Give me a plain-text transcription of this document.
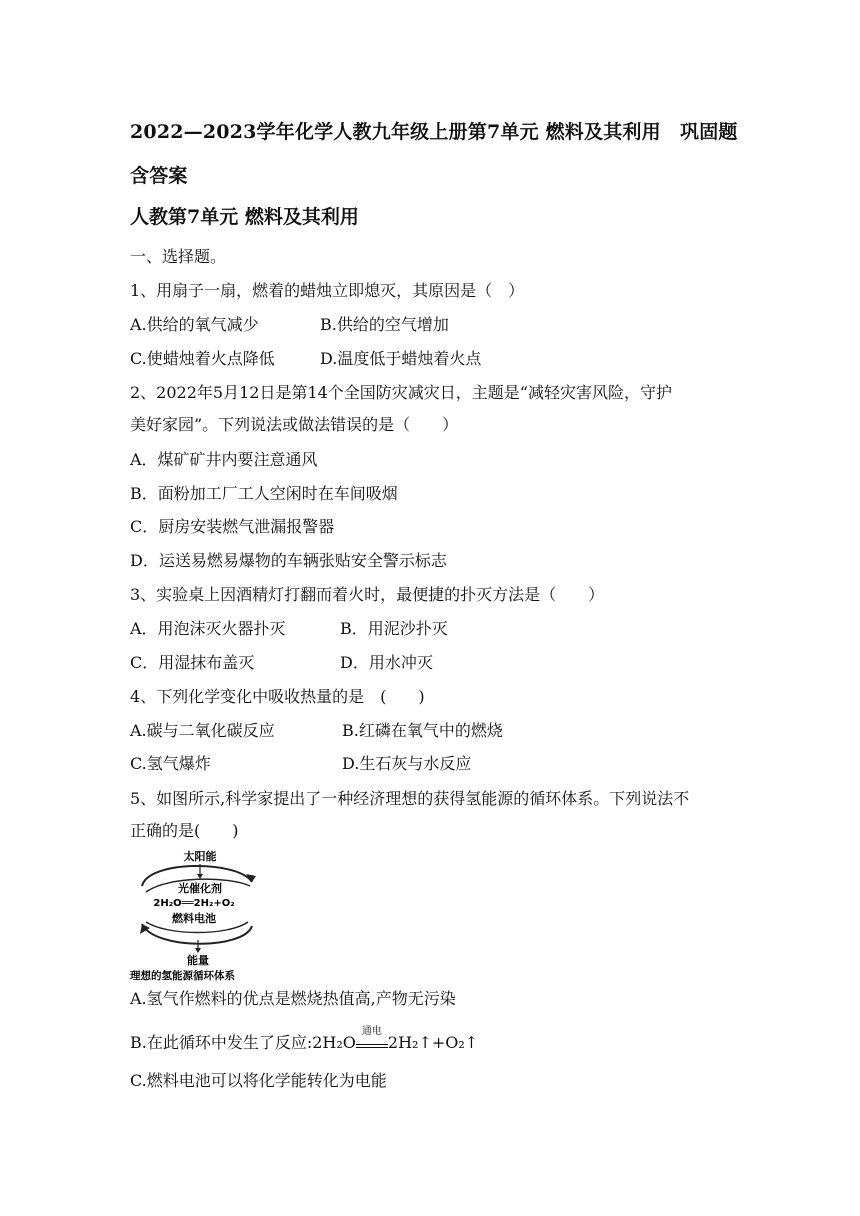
2022—2023学年化学人教九年级上册第7单元 燃料及其利用　巩固题含答案
人教第7单元 燃料及其利用
一、选择题。
1、用扇子一扇，燃着的蜡烛立即熄灭，其原因是（　）
A.供给的氧气减少	B.供给的空气增加
C.使蜡烛着火点降低	D.温度低于蜡烛着火点
2、2022年5月12日是第14个全国防灾减灾日，主题是“减轻灾害风险，守护
美好家园”。下列说法或做法错误的是（　　）
A．煤矿矿井内要注意通风
B．面粉加工厂工人空闲时在车间吸烟
C．厨房安装燃气泄漏报警器
D．运送易燃易爆物的车辆张贴安全警示标志
3、实验桌上因酒精灯打翻而着火时，最便捷的扑灭方法是（　　）
A．用泡沫灭火器扑灭	B．用泥沙扑灭
C．用湿抹布盖灭	D．用水冲灭
4、下列化学变化中吸收热量的是　(　　)
A.碳与二氧化碳反应	B.红磷在氧气中的燃烧
C.氢气爆炸	D.生石灰与水反应
5、如图所示,科学家提出了一种经济理想的获得氢能源的循环体系。下列说法不
正确的是(　　)
太阳能
光催化剂
2H₂O══2H₂+O₂
燃料电池
能量
理想的氢能源循环体系
A.氢气作燃料的优点是燃烧热值高,产物无污染
B.在此循环中发生了反应:2H₂O
通电
2H₂↑+O₂↑
C.燃料电池可以将化学能转化为电能
